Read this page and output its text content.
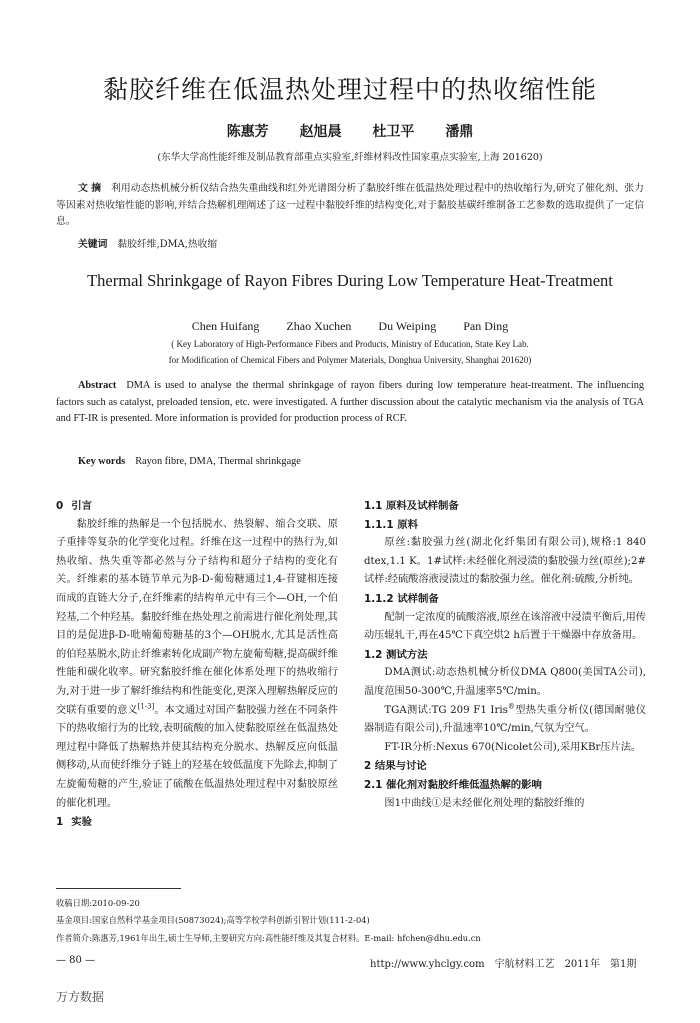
黏胶纤维在低温热处理过程中的热收缩性能
陈惠芳 赵旭晨 杜卫平 潘鼎
(东华大学高性能纤维及制品教育部重点实验室,纤维材料改性国家重点实验室,上海 201620)
文 摘 利用动态热机械分析仪结合热失重曲线和红外光谱图分析了黏胶纤维在低温热处理过程中的热收缩行为,研究了催化剂、张力等因素对热收缩性能的影响,并结合热解机理阐述了这一过程中黏胶纤维的结构变化,对于黏胶基碳纤维制备工艺参数的选取提供了一定信息。
关键词 黏胶纤维,DMA,热收缩
Thermal Shrinkgage of Rayon Fibres During Low Temperature Heat-Treatment
Chen Huifang Zhao Xuchen Du Weiping Pan Ding
( Key Laboratory of High-Performance Fibers and Products, Ministry of Education, State Key Lab.
for Modification of Chemical Fibers and Polymer Materials, Donghua University, Shanghai 201620)
Abstract DMA is used to analyse the thermal shrinkgage of rayon fibers during low temperature heat-treatment. The influencing factors such as catalyst, preloaded tension, etc. were investigated. A further discussion about the catalytic mechanism via the analysis of TGA and FT-IR is presented. More information is provided for production process of RCF.
Key words Rayon fibre, DMA, Thermal shrinkgage
0 引言

黏胶纤维的热解是一个包括脱水、热裂解、缩合交联、原子重排等复杂的化学变化过程。纤维在这一过程中的热行为,如热收缩、热失重等都必然与分子结构和超分子结构的变化有关。纤维素的基本链节单元为β-D-葡萄糖通过1,4-苷键相连接而成的直链大分子,在纤维素的结构单元中有三个—OH,一个伯羟基,二个仲羟基。黏胶纤维在热处理之前需进行催化剂处理,其目的是促进β-D-吡喃葡萄糖基的3个—OH脱水,尤其是活性高的伯羟基脱水,防止纤维素转化成副产物左旋葡萄糖,提高碳纤维性能和碳化收率。研究黏胶纤维在催化体系处理下的热收缩行为,对于进一步了解纤维结构和性能变化,更深入理解热解反应的交联有重要的意义[1-3]。本文通过对国产黏胶强力丝在不同条件下的热收缩行为的比较,表明硫酸的加入使黏胶原丝在低温热处理过程中降低了热解热并使其结构充分脱水、热解反应向低温侧移动,从而使纤维分子链上的羟基在较低温度下先除去,抑制了左旋葡萄糖的产生,验证了硫酸在低温热处理过程中对黏胶原丝的催化机理。

1 实验
1.1 原料及试样制备
1.1.1 原料

原丝:黏胶强力丝(湖北化纤集团有限公司),规格:1 840 dtex,1.1 K。1#试样:未经催化剂浸渍的黏胶强力丝(原丝);2#试样:经硫酸溶液浸渍过的黏胶强力丝。催化剂:硫酸,分析纯。

1.1.2 试样制备

配制一定浓度的硫酸溶液,原丝在该溶液中浸渍平衡后,用传动压辊轧干,再在45℃下真空烘2 h后置于干燥器中存放备用。

1.2 测试方法

DMA测试:动态热机械分析仪DMA Q800(美国TA公司),温度范围50-300℃,升温速率5℃/min。

TGA测试:TG 209 F1 Iris®型热失重分析仪(德国耐驰仪器制造有限公司),升温速率10℃/min,气氛为空气。

FT-IR分析:Nexus 670(Nicolet公司),采用KBr压片法。

2 结果与讨论
2.1 催化剂对黏胶纤维低温热解的影响

图1中曲线①是未经催化剂处理的黏胶纤维的

收稿日期:2010-09-20
基金项目:国家自然科学基金项目(50873024);高等学校学科创新引智计划(111-2-04)
作者简介:陈惠芳,1961年出生,硕士生导师,主要研究方向:高性能纤维及其复合材料。E-mail: hfchen@dhu.edu.cn
— 80 —	http://www.yhclgy.com 宇航材料工艺 2011年 第1期
万方数据
